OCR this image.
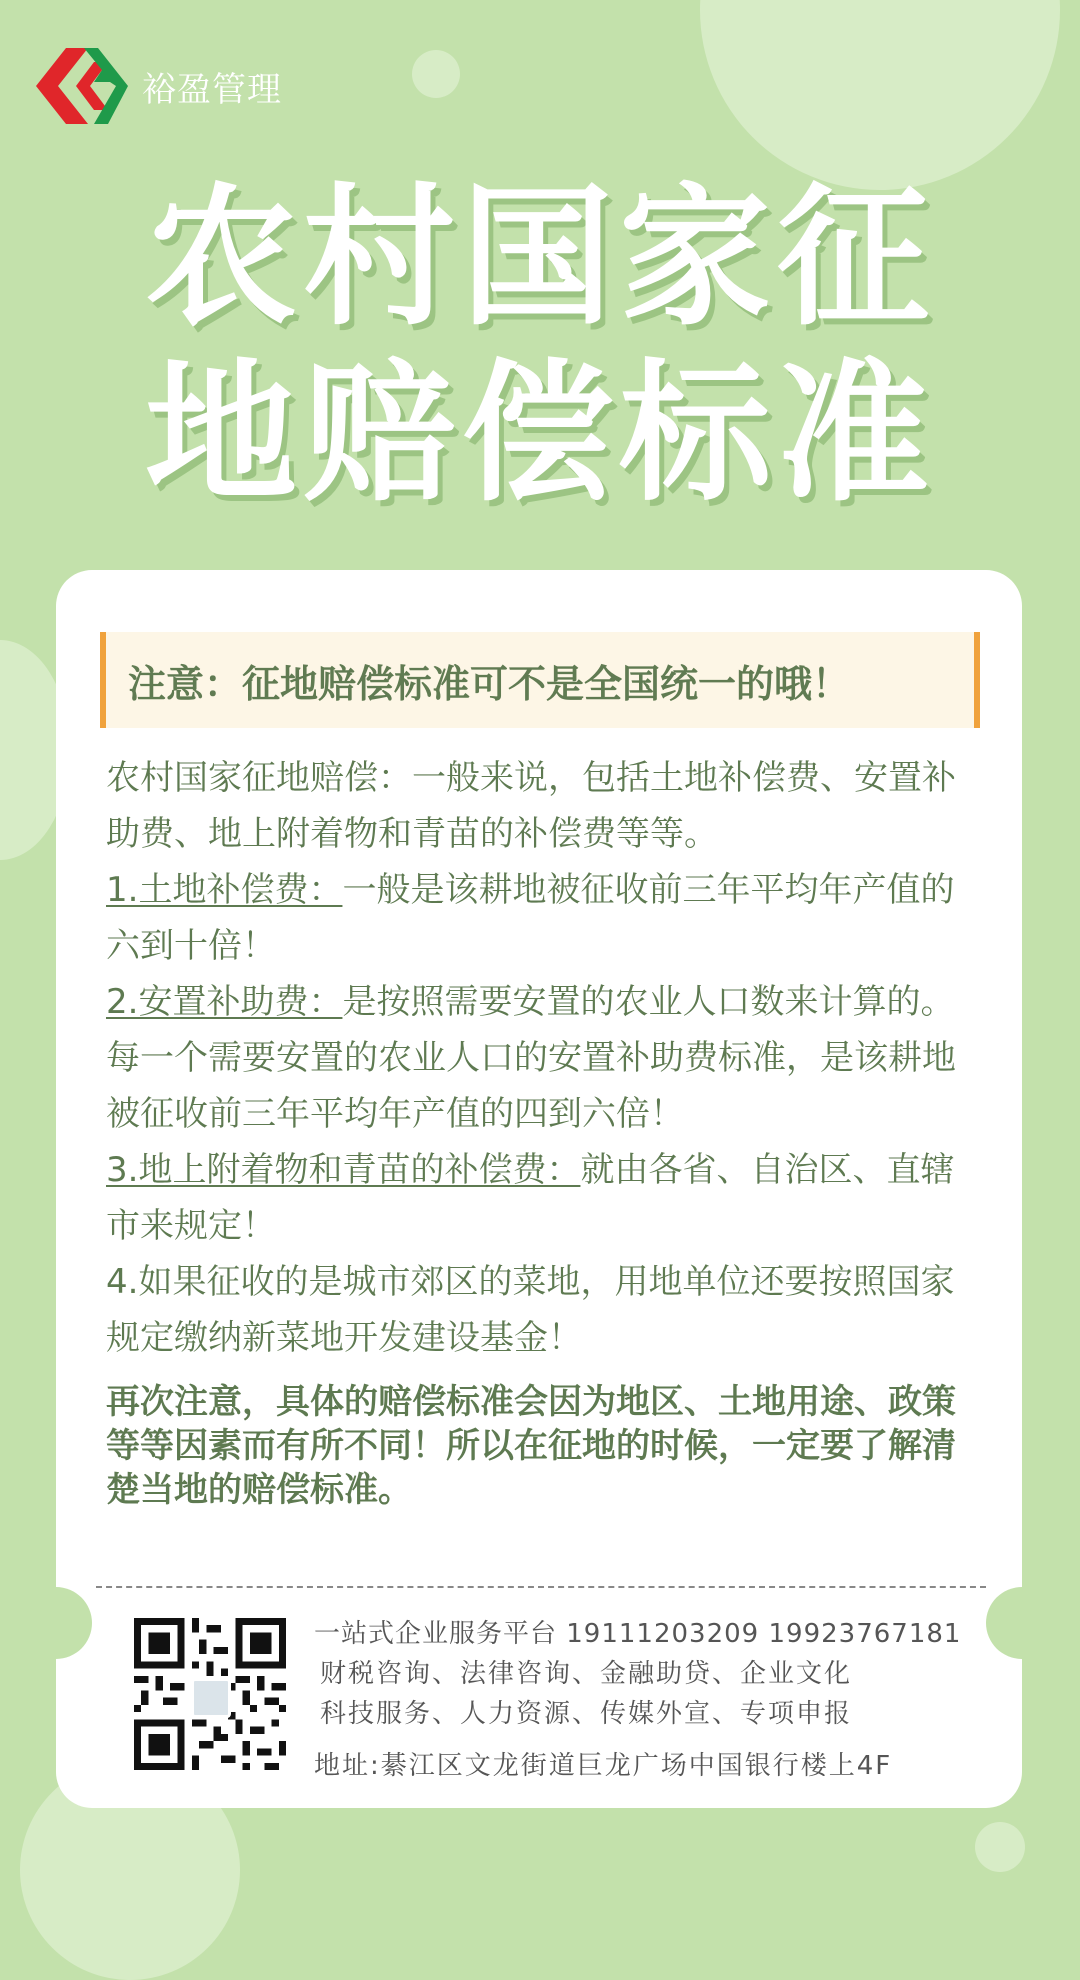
裕盈管理
农村国家征
地赔偿标准
注意：征地赔偿标准可不是全国统一的哦！

农村国家征地赔偿：一般来说，包括土地补偿费、安置补助费、地上附着物和青苗的补偿费等等。

1.土地补偿费：一般是该耕地被征收前三年平均年产值的六到十倍！

2.安置补助费：是按照需要安置的农业人口数来计算的。每一个需要安置的农业人口的安置补助费标准，是该耕地被征收前三年平均年产值的四到六倍！

3.地上附着物和青苗的补偿费：就由各省、自治区、直辖市来规定！

4.如果征收的是城市郊区的菜地，用地单位还要按照国家规定缴纳新菜地开发建设基金！

再次注意，具体的赔偿标准会因为地区、土地用途、政策等等因素而有所不同！所以在征地的时候，一定要了解清楚当地的赔偿标准。

一站式企业服务平台 19111203209 19923767181
财税咨询、法律咨询、金融助贷、企业文化
科技服务、人力资源、传媒外宣、专项申报
地址:綦江区文龙街道巨龙广场中国银行楼上4F
